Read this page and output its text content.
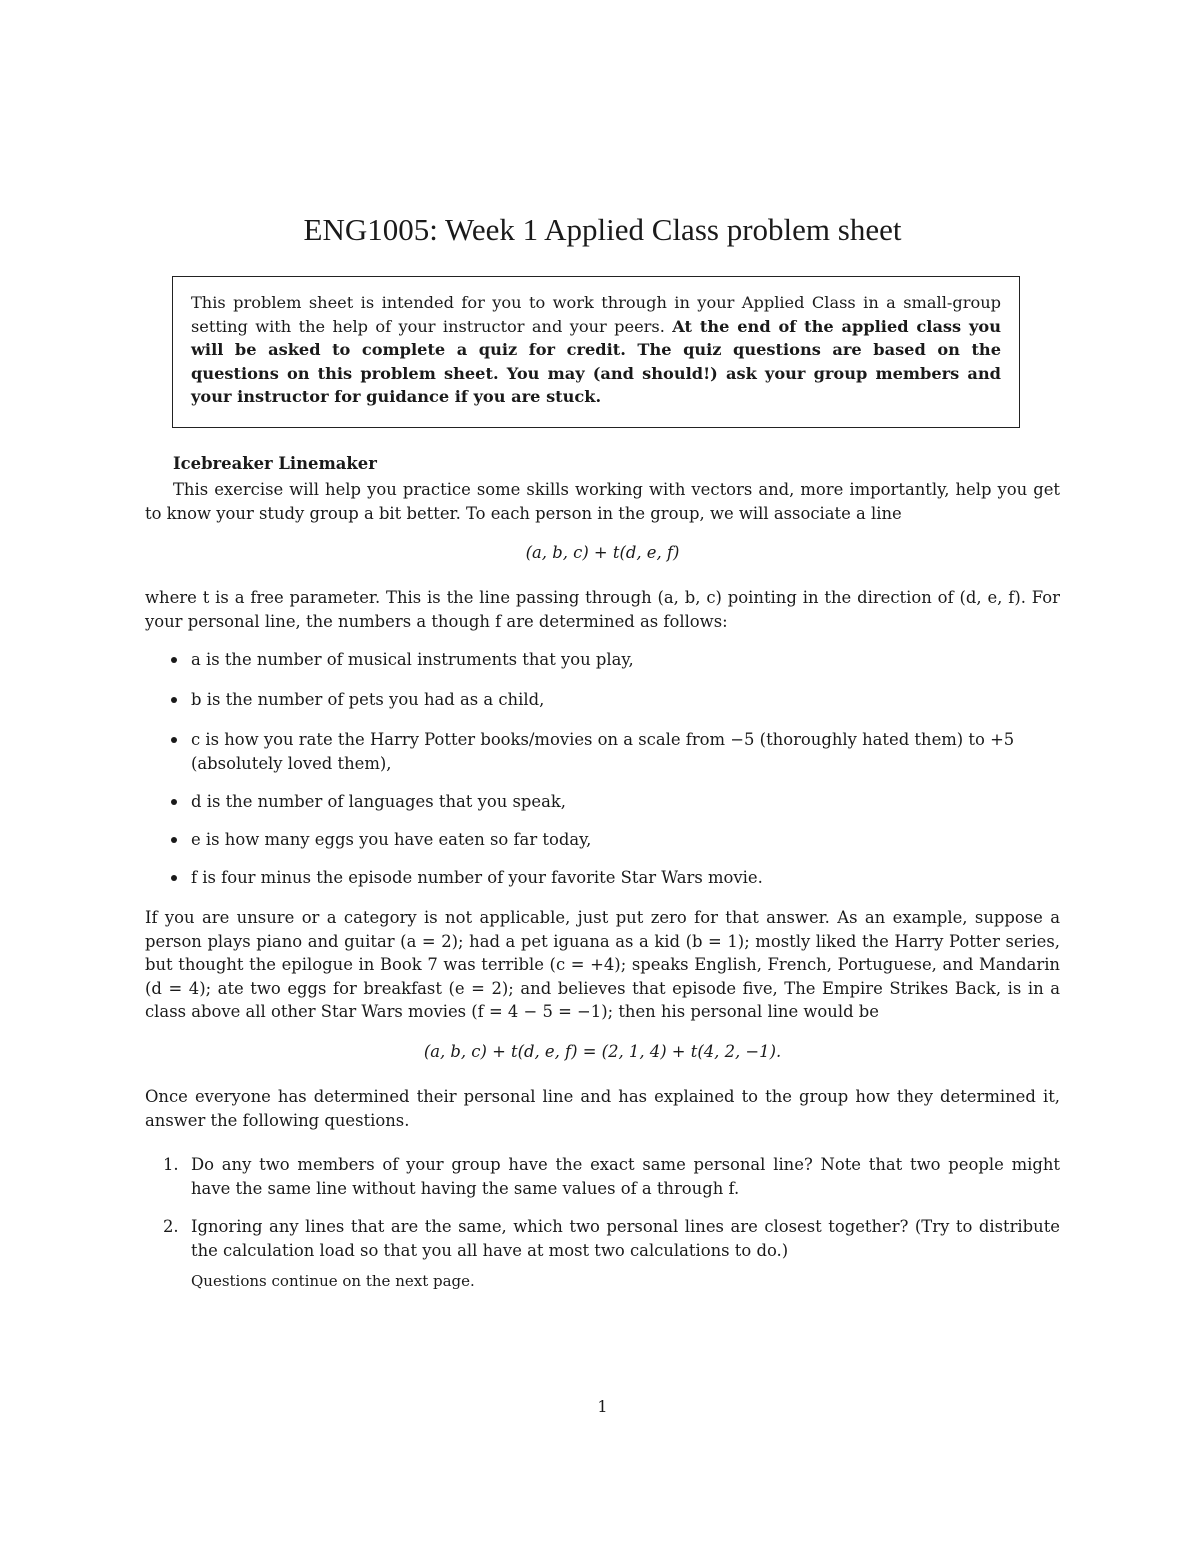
ENG1005: Week 1 Applied Class problem sheet
This problem sheet is intended for you to work through in your Applied Class in a small-group setting with the help of your instructor and your peers. At the end of the applied class you will be asked to complete a quiz for credit. The quiz questions are based on the questions on this problem sheet. You may (and should!) ask your group members and your instructor for guidance if you are stuck.
Icebreaker Linemaker

This exercise will help you practice some skills working with vectors and, more importantly, help you get to know your study group a bit better. To each person in the group, we will associate a line

(a, b, c) + t(d, e, f)

where t is a free parameter. This is the line passing through (a, b, c) pointing in the direction of (d, e, f). For your personal line, the numbers a though f are determined as follows:

a is the number of musical instruments that you play,
b is the number of pets you had as a child,
c is how you rate the Harry Potter books/movies on a scale from −5 (thoroughly hated them) to +5 (absolutely loved them),
d is the number of languages that you speak,
e is how many eggs you have eaten so far today,
f is four minus the episode number of your favorite Star Wars movie.

If you are unsure or a category is not applicable, just put zero for that answer. As an example, suppose a person plays piano and guitar (a = 2); had a pet iguana as a kid (b = 1); mostly liked the Harry Potter series, but thought the epilogue in Book 7 was terrible (c = +4); speaks English, French, Portuguese, and Mandarin (d = 4); ate two eggs for breakfast (e = 2); and believes that episode five, The Empire Strikes Back, is in a class above all other Star Wars movies (f = 4 − 5 = −1); then his personal line would be

(a, b, c) + t(d, e, f) = (2, 1, 4) + t(4, 2, −1).

Once everyone has determined their personal line and has explained to the group how they determined it, answer the following questions.

1. Do any two members of your group have the exact same personal line? Note that two people might have the same line without having the same values of a through f.
2. Ignoring any lines that are the same, which two personal lines are closest together? (Try to distribute the calculation load so that you all have at most two calculations to do.)
Questions continue on the next page.
1
